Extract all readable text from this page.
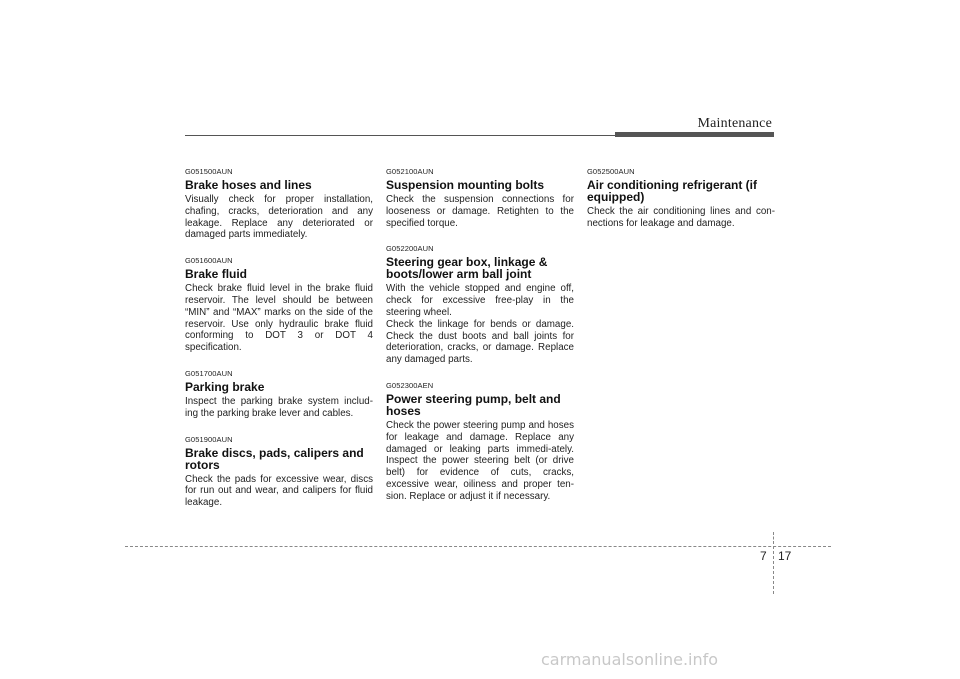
Maintenance
G051500AUN
Brake hoses and lines

Visually check for proper installation, chafing, cracks, deterioration and any leakage. Replace any deteriorated or damaged parts immediately.

G051600AUN
Brake fluid

Check brake fluid level in the brake fluid reservoir. The level should be between “MIN” and “MAX” marks on the side of the reservoir. Use only hydraulic brake fluid conforming to DOT 3 or DOT 4 specification.

G051700AUN
Parking brake

Inspect the parking brake system includ-ing the parking brake lever and cables.

G051900AUN
Brake discs, pads, calipers and rotors

Check the pads for excessive wear, discs for run out and wear, and calipers for fluid leakage.

G052100AUN
Suspension mounting bolts

Check the suspension connections for looseness or damage. Retighten to the specified torque.

G052200AUN
Steering gear box, linkage & boots/lower arm ball joint

With the vehicle stopped and engine off, check for excessive free-play in the steering wheel.

Check the linkage for bends or damage. Check the dust boots and ball joints for deterioration, cracks, or damage. Replace any damaged parts.

G052300AEN
Power steering pump, belt and hoses

Check the power steering pump and hoses for leakage and damage. Replace any damaged or leaking parts immedi-ately. Inspect the power steering belt (or drive belt) for evidence of cuts, cracks, excessive wear, oiliness and proper ten-sion. Replace or adjust it if necessary.

G052500AUN
Air conditioning refrigerant (if equipped)

Check the air conditioning lines and con-nections for leakage and damage.

7 17
carmanualsonline.info
